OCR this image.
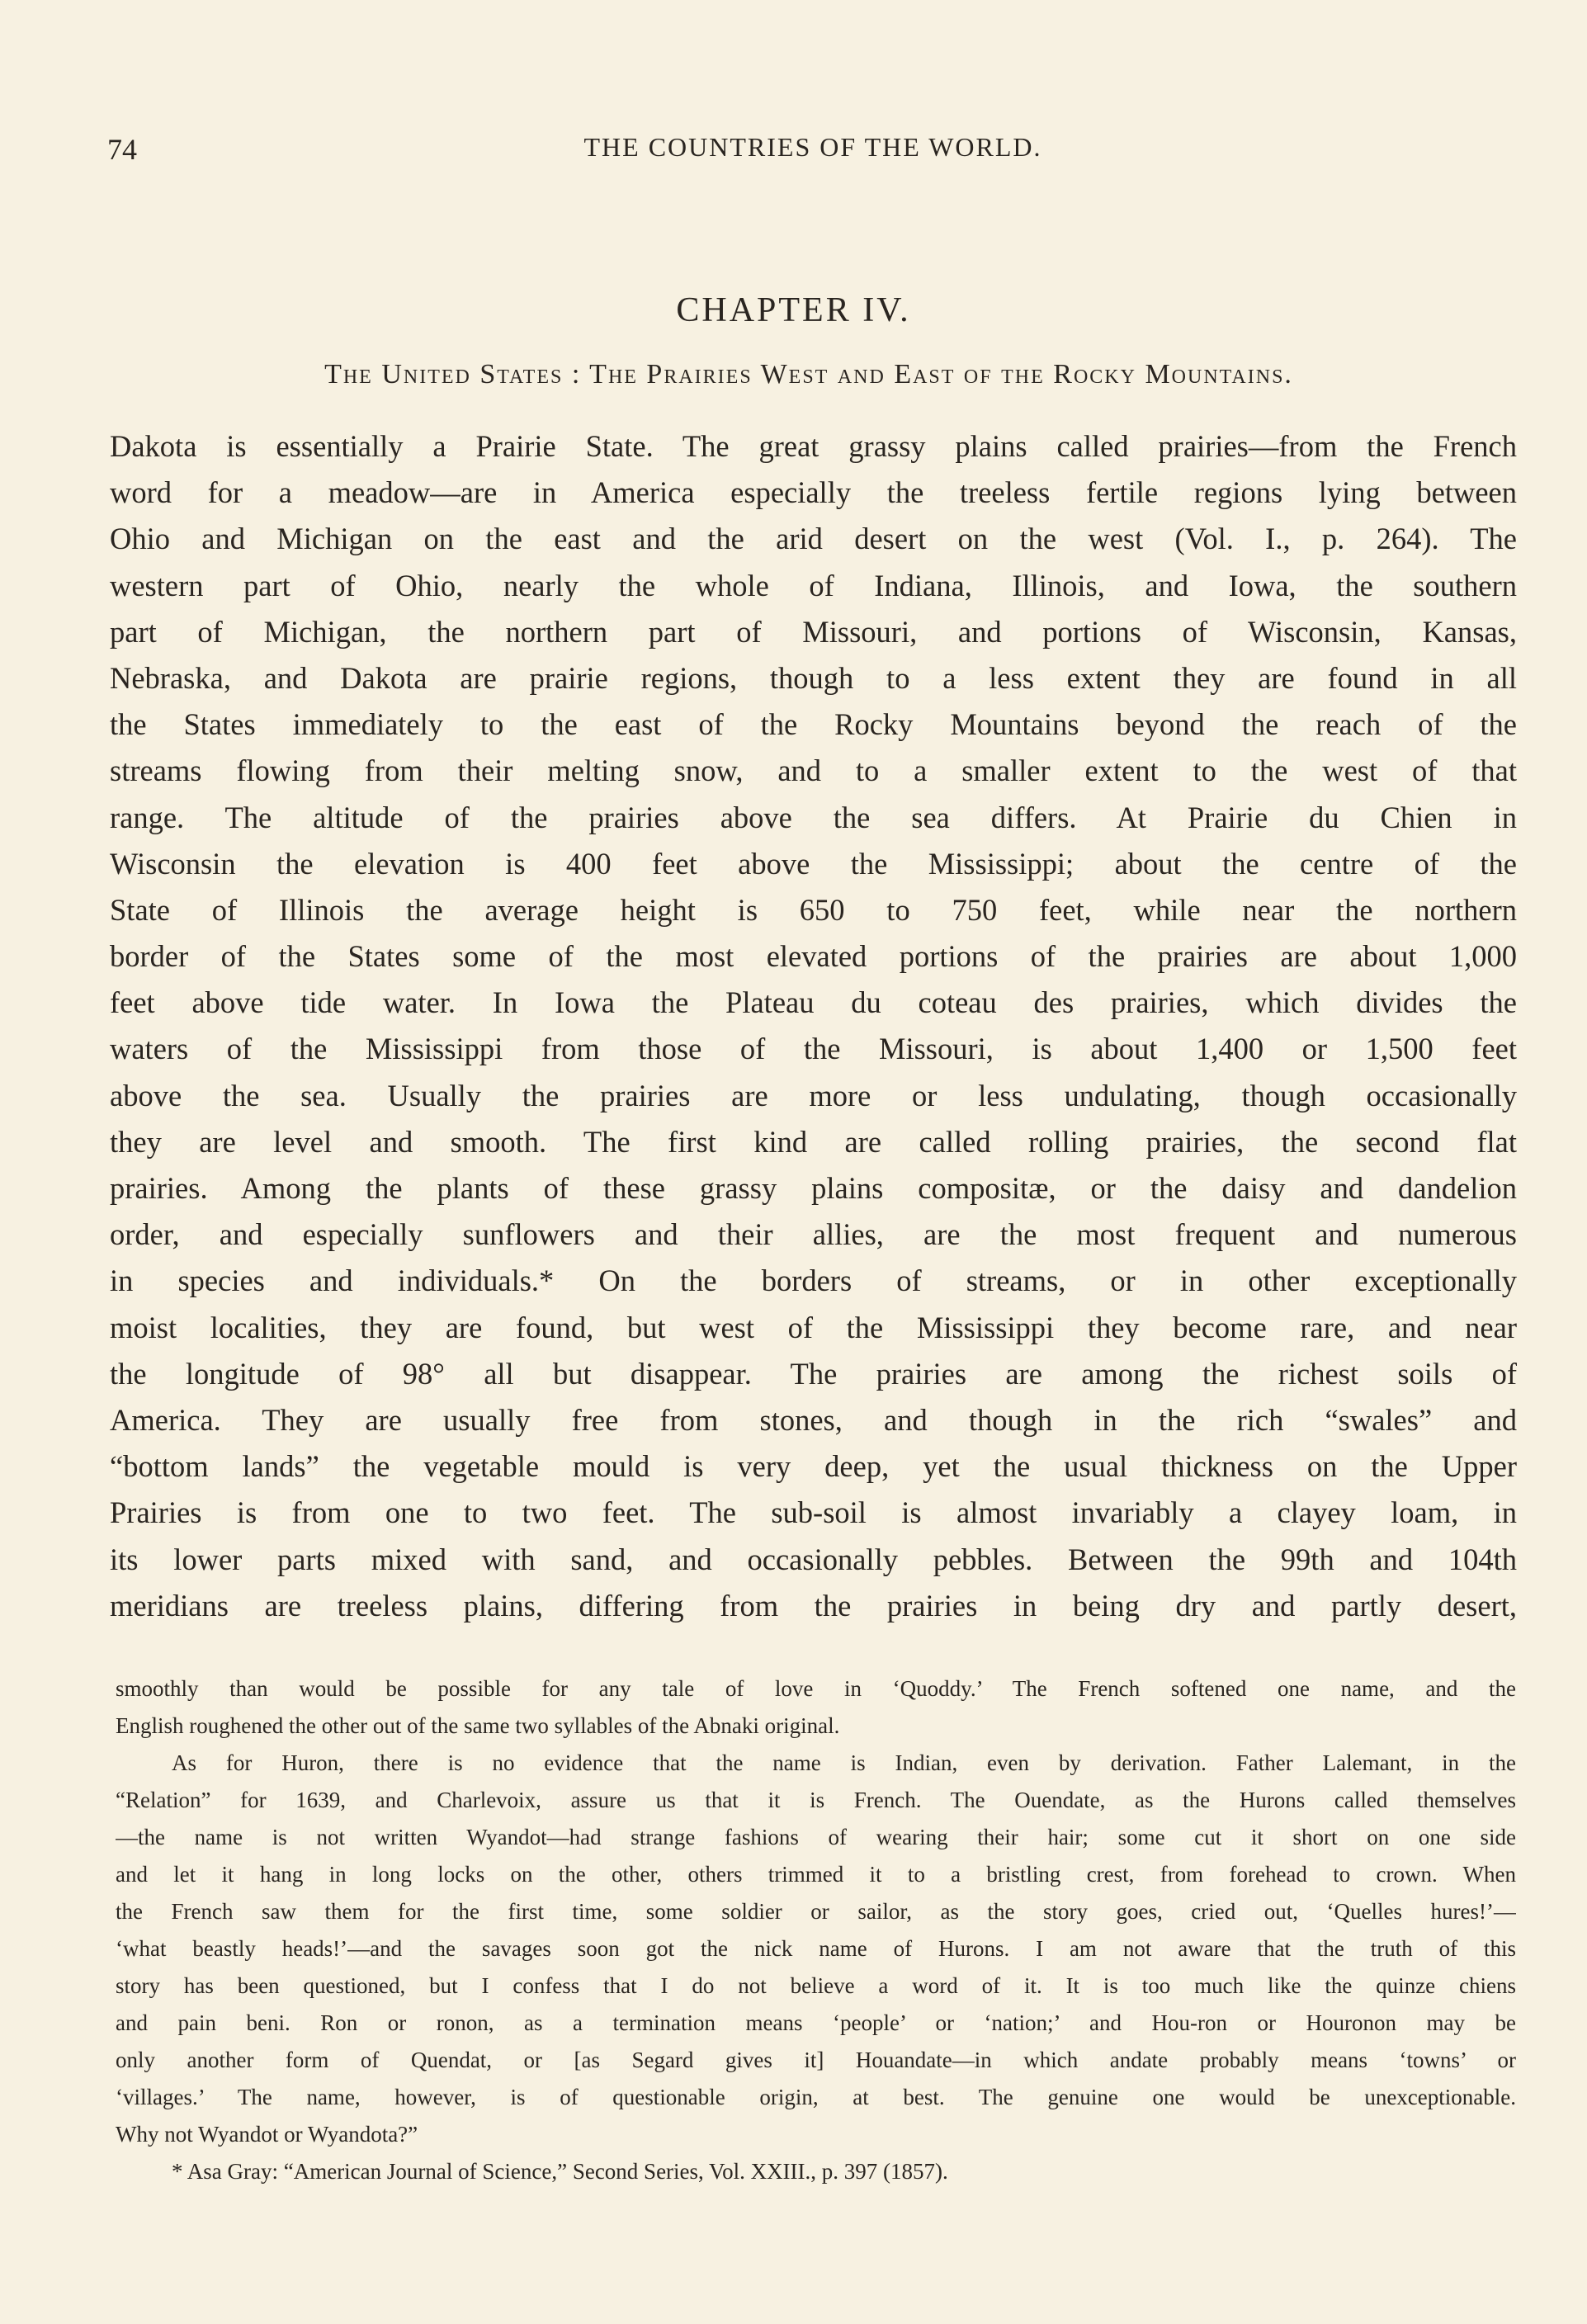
74	THE COUNTRIES OF THE WORLD.
CHAPTER IV.
The United States : The Prairies West and East of the Rocky Mountains.
Dakota is essentially a Prairie State. The great grassy plains called prairies—from the French
word for a meadow—are in America especially the treeless fertile regions lying between
Ohio and Michigan on the east and the arid desert on the west (Vol. I., p. 264). The
western part of Ohio, nearly the whole of Indiana, Illinois, and Iowa, the southern
part of Michigan, the northern part of Missouri, and portions of Wisconsin, Kansas,
Nebraska, and Dakota are prairie regions, though to a less extent they are found in all
the States immediately to the east of the Rocky Mountains beyond the reach of the
streams flowing from their melting snow, and to a smaller extent to the west of that
range. The altitude of the prairies above the sea differs. At Prairie du Chien in
Wisconsin the elevation is 400 feet above the Mississippi; about the centre of the
State of Illinois the average height is 650 to 750 feet, while near the northern
border of the States some of the most elevated portions of the prairies are about 1,000
feet above tide water. In Iowa the Plateau du coteau des prairies, which divides the
waters of the Mississippi from those of the Missouri, is about 1,400 or 1,500 feet
above the sea. Usually the prairies are more or less undulating, though occasionally
they are level and smooth. The first kind are called rolling prairies, the second flat
prairies. Among the plants of these grassy plains compositæ, or the daisy and dandelion
order, and especially sunflowers and their allies, are the most frequent and numerous
in species and individuals.* On the borders of streams, or in other exceptionally
moist localities, they are found, but west of the Mississippi they become rare, and near
the longitude of 98° all but disappear. The prairies are among the richest soils of
America. They are usually free from stones, and though in the rich “swales” and
“bottom lands” the vegetable mould is very deep, yet the usual thickness on the Upper
Prairies is from one to two feet. The sub-soil is almost invariably a clayey loam, in
its lower parts mixed with sand, and occasionally pebbles. Between the 99th and 104th
meridians are treeless plains, differing from the prairies in being dry and partly desert,
smoothly than would be possible for any tale of love in ‘Quoddy.’ The French softened one name, and the
English roughened the other out of the same two syllables of the Abnaki original.
As for Huron, there is no evidence that the name is Indian, even by derivation. Father Lalemant, in the
“Relation” for 1639, and Charlevoix, assure us that it is French. The Ouendate, as the Hurons called themselves
—the name is not written Wyandot—had strange fashions of wearing their hair; some cut it short on one side
and let it hang in long locks on the other, others trimmed it to a bristling crest, from forehead to crown. When
the French saw them for the first time, some soldier or sailor, as the story goes, cried out, ‘Quelles hures!’—
‘what beastly heads!’—and the savages soon got the nick name of Hurons. I am not aware that the truth of this
story has been questioned, but I confess that I do not believe a word of it. It is too much like the quinze chiens
and pain beni. Ron or ronon, as a termination means ‘people’ or ‘nation;’ and Hou-ron or Houronon may be
only another form of Quendat, or [as Segard gives it] Houandate—in which andate probably means ‘towns’ or
‘villages.’ The name, however, is of questionable origin, at best. The genuine one would be unexceptionable.
Why not Wyandot or Wyandota?”
* Asa Gray: “American Journal of Science,” Second Series, Vol. XXIII., p. 397 (1857).
